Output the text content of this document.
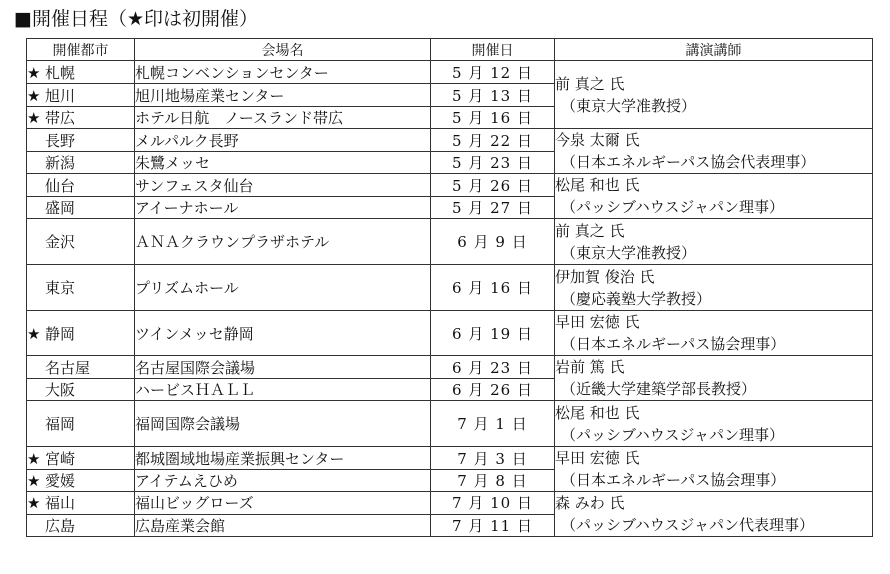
■開催日程（★印は初開催）
開催都市	会場名	開催日	講演講師
★ 札幌	札幌コンベンションセンター	5 月 12 日	前 真之 氏
（東京大学准教授）

★ 旭川	旭川地場産業センター	5 月 13 日	
★ 帯広	ホテル日航　ノースランド帯広	5 月 16 日	
長野	メルパルク長野	5 月 22 日	今泉 太爾 氏
（日本エネルギーパス協会代表理事）

新潟	朱鷺メッセ	5 月 23 日	
仙台	サンフェスタ仙台	5 月 26 日	松尾 和也 氏
（パッシブハウスジャパン理事）

盛岡	アイーナホール	5 月 27 日	
金沢	ＡＮＡクラウンプラザホテル	6 月 9 日	前 真之 氏
（東京大学准教授）

東京	プリズムホール	6 月 16 日	伊加賀 俊治 氏
（慶応義塾大学教授）

★ 静岡	ツインメッセ静岡	6 月 19 日	早田 宏徳 氏
（日本エネルギーパス協会理事）

名古屋	名古屋国際会議場	6 月 23 日	岩前 篤 氏
（近畿大学建築学部長教授）

大阪	ハービスＨＡＬＬ	6 月 26 日	
福岡	福岡国際会議場	7 月 1 日	松尾 和也 氏
（パッシブハウスジャパン理事）

★ 宮崎	都城圏域地場産業振興センター	7 月 3 日	早田 宏徳 氏
（日本エネルギーパス協会理事）

★ 愛媛	アイテムえひめ	7 月 8 日	
★ 福山	福山ビッグローズ	7 月 10 日	森 みわ 氏
（パッシブハウスジャパン代表理事）

広島	広島産業会館	7 月 11 日	
